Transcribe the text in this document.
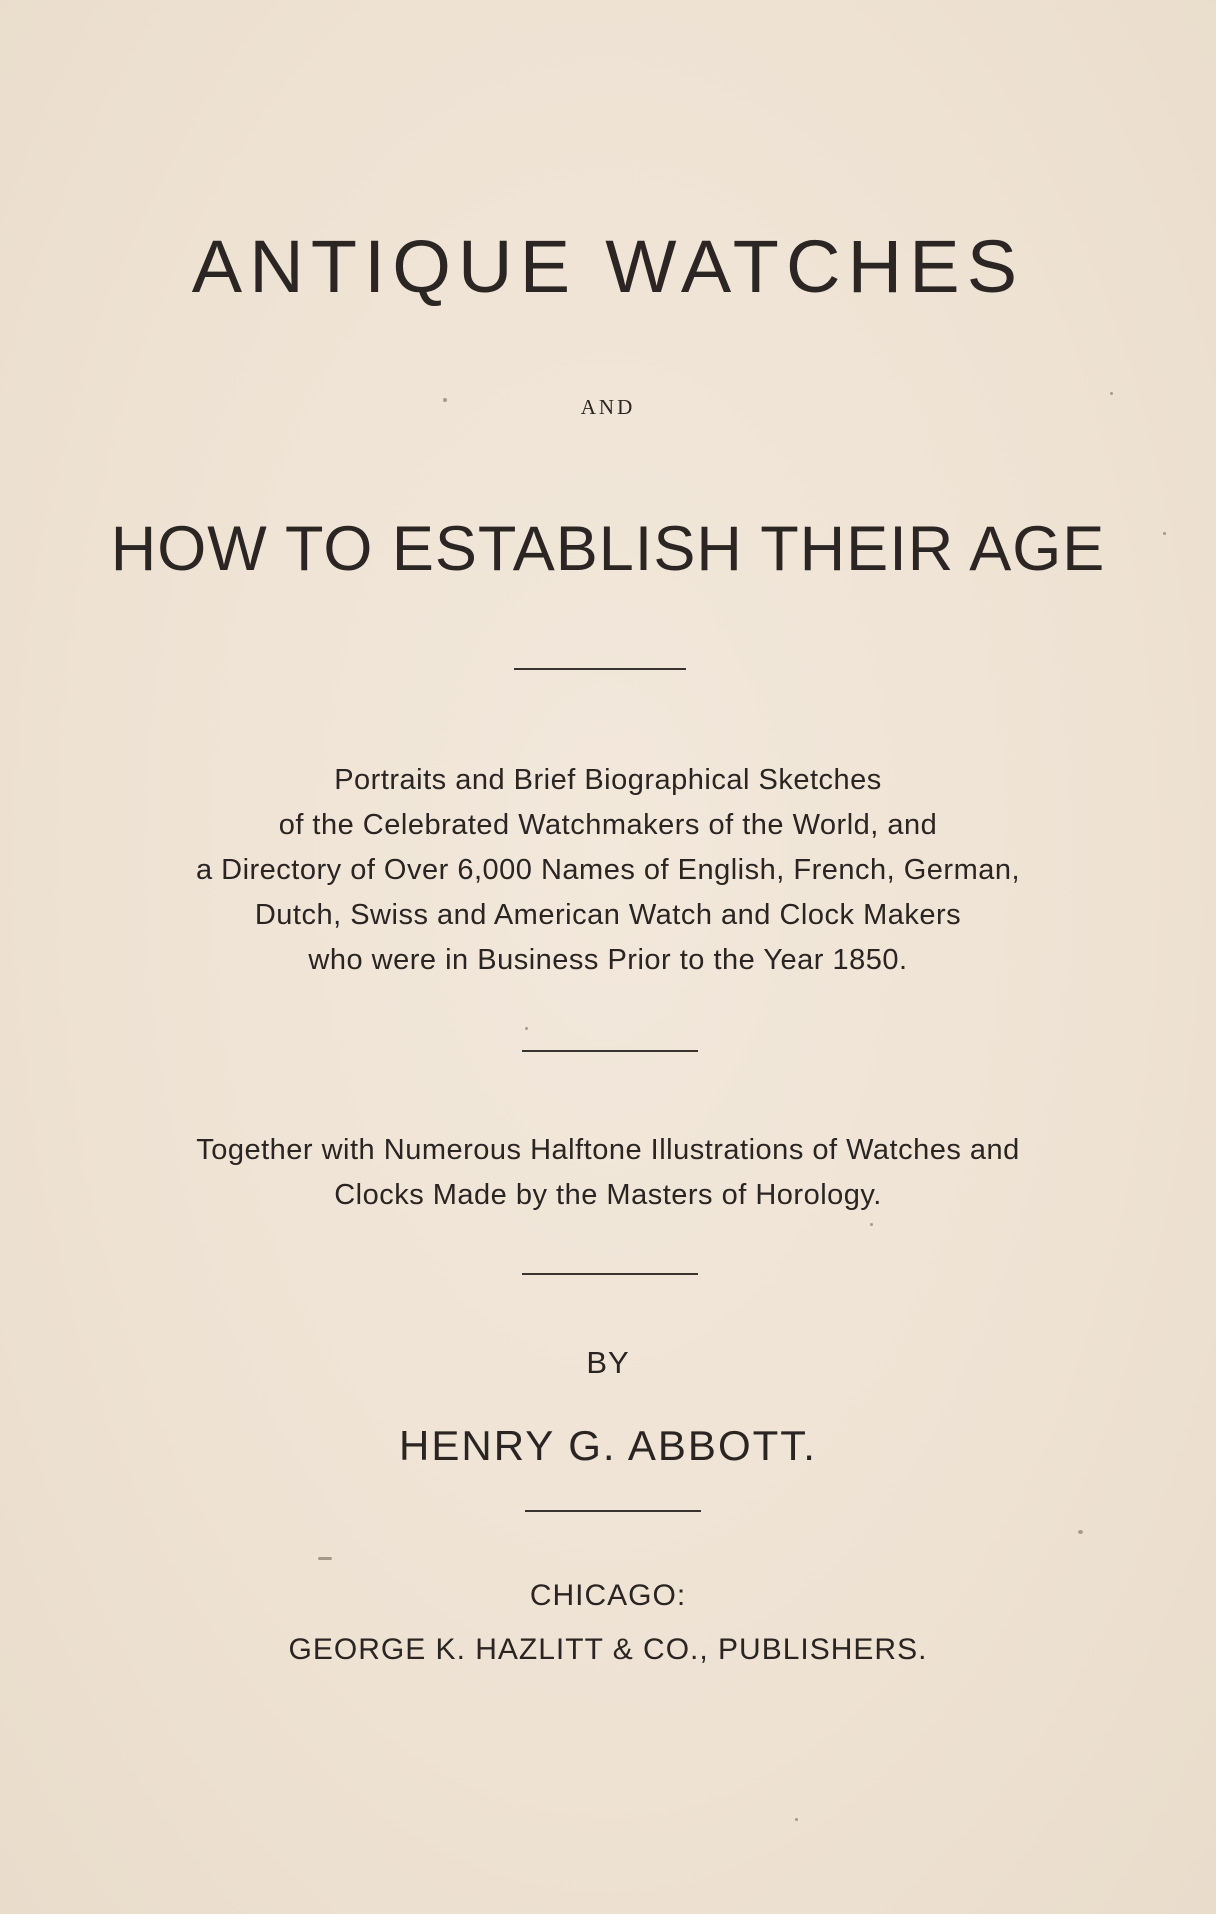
ANTIQUE WATCHES
AND
HOW TO ESTABLISH THEIR AGE
Portraits and Brief Biographical Sketches
of the Celebrated Watchmakers of the World, and
a Directory of Over 6,000 Names of English, French, German,
Dutch, Swiss and American Watch and Clock Makers
who were in Business Prior to the Year 1850.
Together with Numerous Halftone Illustrations of Watches and
Clocks Made by the Masters of Horology.
BY
HENRY G. ABBOTT.
CHICAGO:
GEORGE K. HAZLITT & CO., PUBLISHERS.
